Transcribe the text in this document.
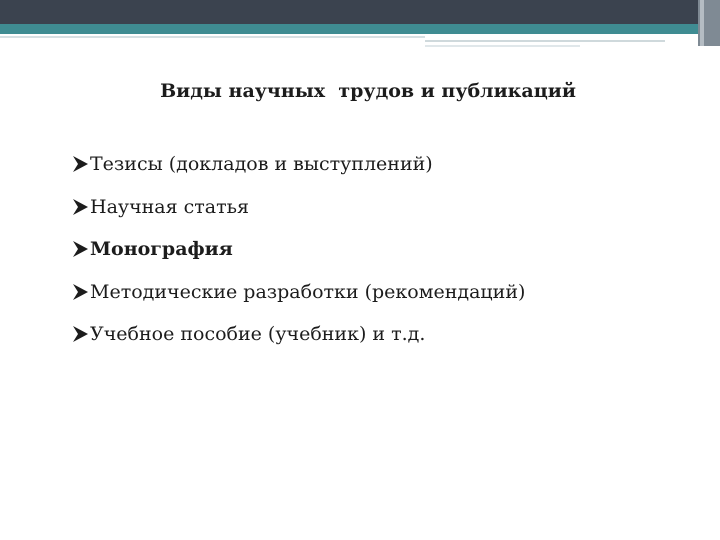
Виды научных  трудов и публикаций
Тезисы (докладов и выступлений)
Научная статья
Монография
Методические разработки (рекомендаций)
Учебное пособие (учебник) и т.д.
